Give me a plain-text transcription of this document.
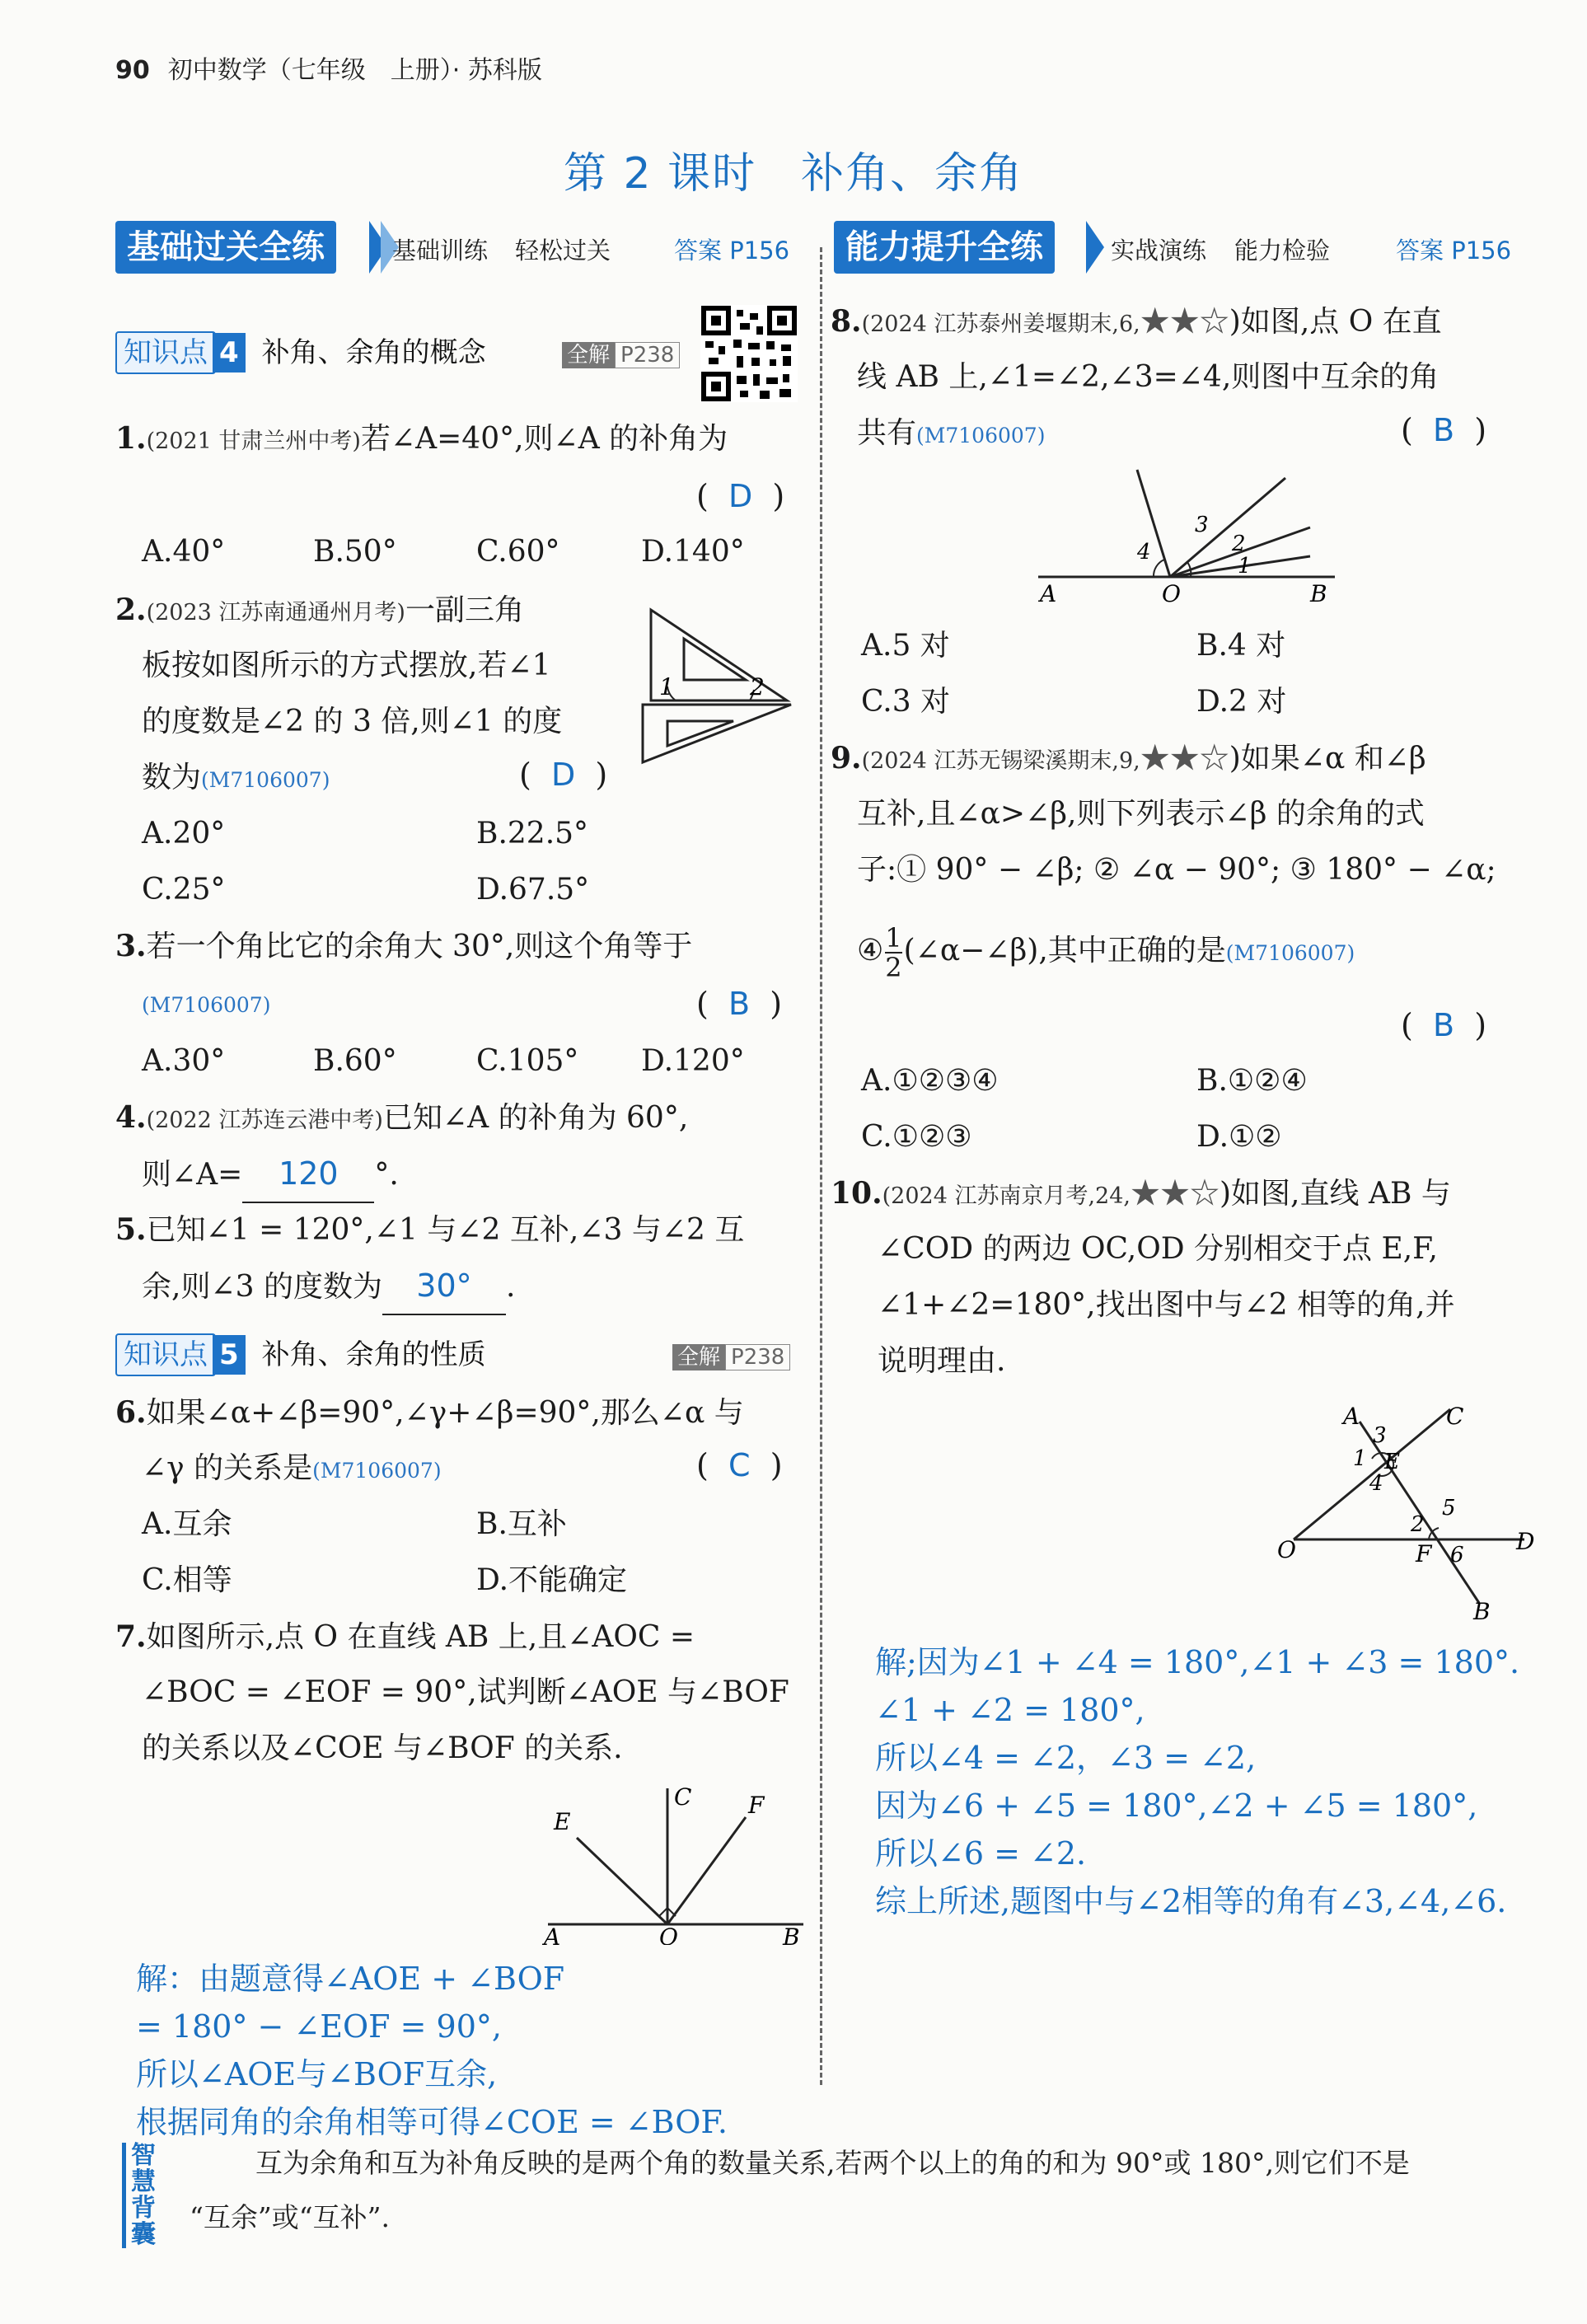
90 初中数学（七年级　上册）· 苏科版
第 2 课时　补角、余角
基础过关全练	基础训练 轻松过关	答案 P156	能力提升全练	实战演练 能力检验	答案 P156
知识点 4 补角、余角的概念	全解 P238
1.(2021 甘肃兰州中考)若∠A=40°,则∠A 的补角为
(  D  )
A.40°	B.50°	C.60°	D.140°
2.(2023 江苏南通通州月考)一副三角
板按如图所示的方式摆放,若∠1
的度数是∠2 的 3 倍,则∠1 的度
数为(M7106007)	(  D  )
1	2
A.20°	B.22.5°
C.25°	D.67.5°
3.若一个角比它的余角大 30°,则这个角等于
(M7106007)	(  B  )
A.30°	B.60°	C.105° D.120°
4.(2022 江苏连云港中考)已知∠A 的补角为 60°,
则∠A= 120 °.
5.已知∠1 = 120°,∠1 与∠2 互补,∠3 与∠2 互
余,则∠3 的度数为 30° .
知识点 5 补角、余角的性质	全解 P238
6.如果∠α+∠β=90°,∠γ+∠β=90°,那么∠α 与
∠γ 的关系是(M7106007)	(  C  )
A.互余	B.互补
C.相等	D.不能确定
7.如图所示,点 O 在直线 AB 上,且∠AOC =
∠BOC = ∠EOF = 90°,试判断∠AOE 与∠BOF
的关系以及∠COE 与∠BOF 的关系.
A	O	B
C
E
F
解：由题意得∠AOE + ∠BOF
= 180° − ∠EOF = 90°,
所以∠AOE与∠BOF互余,
根据同角的余角相等可得∠COE = ∠BOF.
8.(2024 江苏泰州姜堰期末,6,★★☆)如图,点 O 在直
线 AB 上,∠1=∠2,∠3=∠4,则图中互余的角
共有(M7106007)	(  B  )
A	O	B
1
2
3
4
A.5 对	B.4 对
C.3 对	D.2 对
9.(2024 江苏无锡梁溪期末,9,★★☆)如果∠α 和∠β
互补,且∠α>∠β,则下列表示∠β 的余角的式
子:① 90° − ∠β; ② ∠α − 90°; ③ 180° − ∠α;
④ $\frac{1}{2}$ (∠α−∠β),其中正确的是(M7106007)
(  B  )
A.①②③④	B.①②④
C.①②③	D.①②
10.(2024 江苏南京月考,24,★★☆)如图,直线 AB 与
∠COD 的两边 OC,OD 分别相交于点 E,F,
∠1+∠2=180°,找出图中与∠2 相等的角,并
说明理由.
A	C
3
1 E
4
5
2
6
F
O	D
B
解;因为∠1 + ∠4 = 180°,∠1 + ∠3 = 180°.
∠1 + ∠2 = 180°,
所以∠4 = ∠2，∠3 = ∠2,
因为∠6 + ∠5 = 180°,∠2 + ∠5 = 180°,
所以∠6 = ∠2.
综上所述,题图中与∠2相等的角有∠3,∠4,∠6.
智
慧
背
囊
互为余角和互为补角反映的是两个角的数量关系,若两个以上的角的和为 90°或 180°,则它们不是
“互余”或“互补”.
